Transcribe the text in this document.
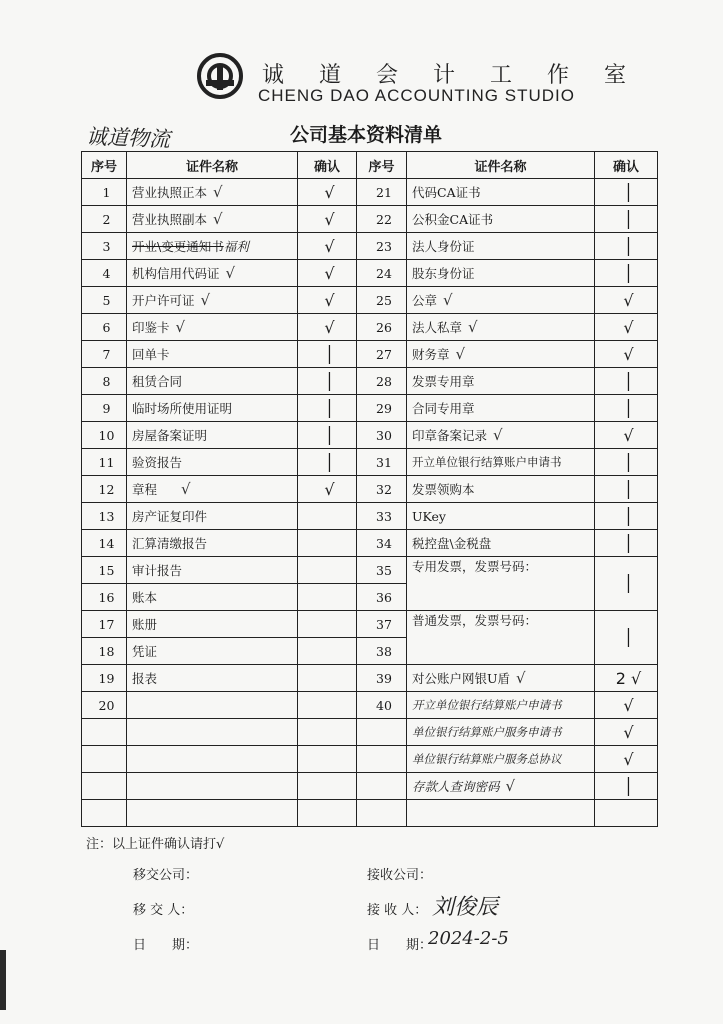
诚 道 会 计 工 作 室
CHENG DAO ACCOUNTING STUDIO
诚道物流	公司基本资料清单
序号	证件名称	确认	序号	证件名称	确认
1	营业执照正本 √	√	21	代码CA证书	│
2	营业执照副本 √	√	22	公积金CA证书	│
3	开业\变更通知书福利	√	23	法人身份证	│
4	机构信用代码证 √	√	24	股东身份证	│
5	开户许可证 √	√	25	公章 √	√
6	印鉴卡 √	√	26	法人私章 √	√
7	回单卡	│	27	财务章 √	√
8	租赁合同	│	28	发票专用章	│
9	临时场所使用证明	│	29	合同专用章	│
10	房屋备案证明	│	30	印章备案记录 √	√
11	验资报告	│	31	开立单位银行结算账户申请书	│
12	章程 √	√	32	发票领购本	│
13	房产证复印件		33	UKey	│
14	汇算清缴报告		34	税控盘\金税盘	│
15	审计报告		35	专用发票，发票号码：	│
16	账本		36		
17	账册		37	普通发票，发票号码：	│
18	凭证		38		
19	报表		39	对公账户网银U盾 √	2 √
20			40	开立单位银行结算账户申请书	√
				单位银行结算账户服务申请书	√
				单位银行结算账户服务总协议	√
				存款人查询密码 √	│

注：以上证件确认请打√
移交公司：	接收公司：
移 交 人：	接 收 人： 刘俊辰
日　　期：	日　　期：
2024-2-5
